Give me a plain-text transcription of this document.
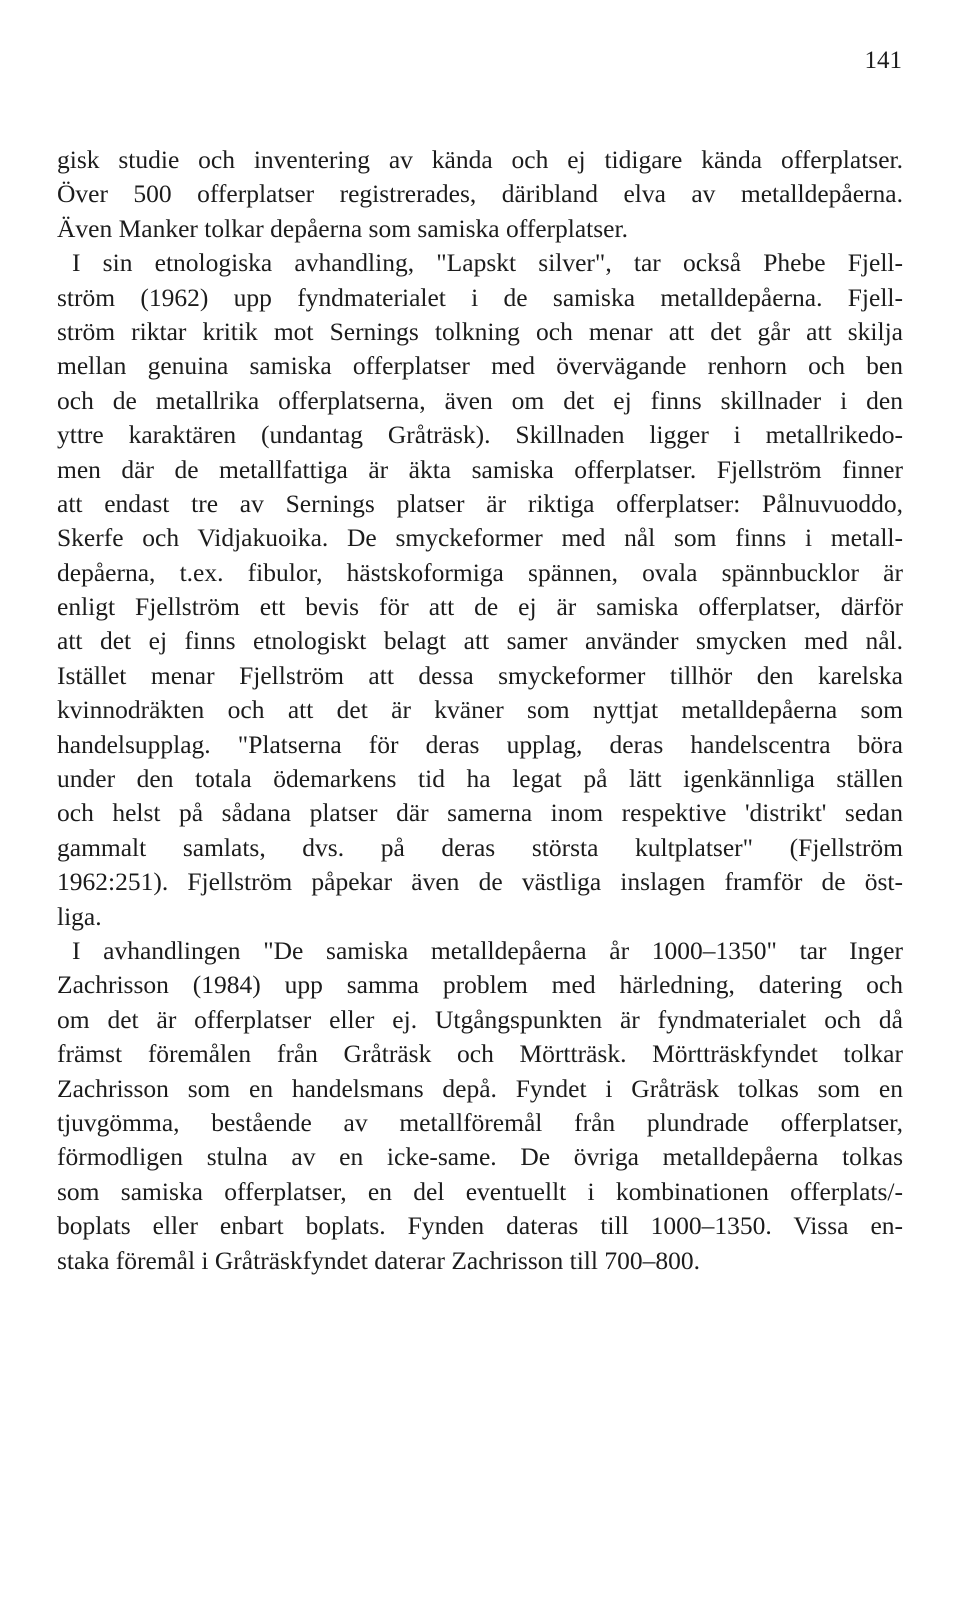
141
gisk studie och inventering av kända och ej tidigare kända offerplatser.
Över 500 offerplatser registrerades, däribland elva av metalldepåerna.
Även Manker tolkar depåerna som samiska offerplatser.
I sin etnologiska avhandling, "Lapskt silver", tar också Phebe Fjell-
ström (1962) upp fyndmaterialet i de samiska metalldepåerna. Fjell-
ström riktar kritik mot Sernings tolkning och menar att det går att skilja
mellan genuina samiska offerplatser med övervägande renhorn och ben
och de metallrika offerplatserna, även om det ej finns skillnader i den
yttre karaktären (undantag Gråträsk). Skillnaden ligger i metallrikedo-
men där de metallfattiga är äkta samiska offerplatser. Fjellström finner
att endast tre av Sernings platser är riktiga offerplatser: Pålnuvuoddo,
Skerfe och Vidjakuoika. De smyckeformer med nål som finns i metall-
depåerna, t.ex. fibulor, hästskoformiga spännen, ovala spännbucklor är
enligt Fjellström ett bevis för att de ej är samiska offerplatser, därför
att det ej finns etnologiskt belagt att samer använder smycken med nål.
Istället menar Fjellström att dessa smyckeformer tillhör den karelska
kvinnodräkten och att det är kväner som nyttjat metalldepåerna som
handelsupplag. "Platserna för deras upplag, deras handelscentra böra
under den totala ödemarkens tid ha legat på lätt igenkännliga ställen
och helst på sådana platser där samerna inom respektive 'distrikt' sedan
gammalt samlats, dvs. på deras största kultplatser" (Fjellström
1962:251). Fjellström påpekar även de västliga inslagen framför de öst-
liga.
I avhandlingen "De samiska metalldepåerna år 1000–1350" tar Inger
Zachrisson (1984) upp samma problem med härledning, datering och
om det är offerplatser eller ej. Utgångspunkten är fyndmaterialet och då
främst föremålen från Gråträsk och Mörtträsk. Mörtträskfyndet tolkar
Zachrisson som en handelsmans depå. Fyndet i Gråträsk tolkas som en
tjuvgömma, bestående av metallföremål från plundrade offerplatser,
förmodligen stulna av en icke-same. De övriga metalldepåerna tolkas
som samiska offerplatser, en del eventuellt i kombinationen offerplats/-
boplats eller enbart boplats. Fynden dateras till 1000–1350. Vissa en-
staka föremål i Gråträskfyndet daterar Zachrisson till 700–800.
